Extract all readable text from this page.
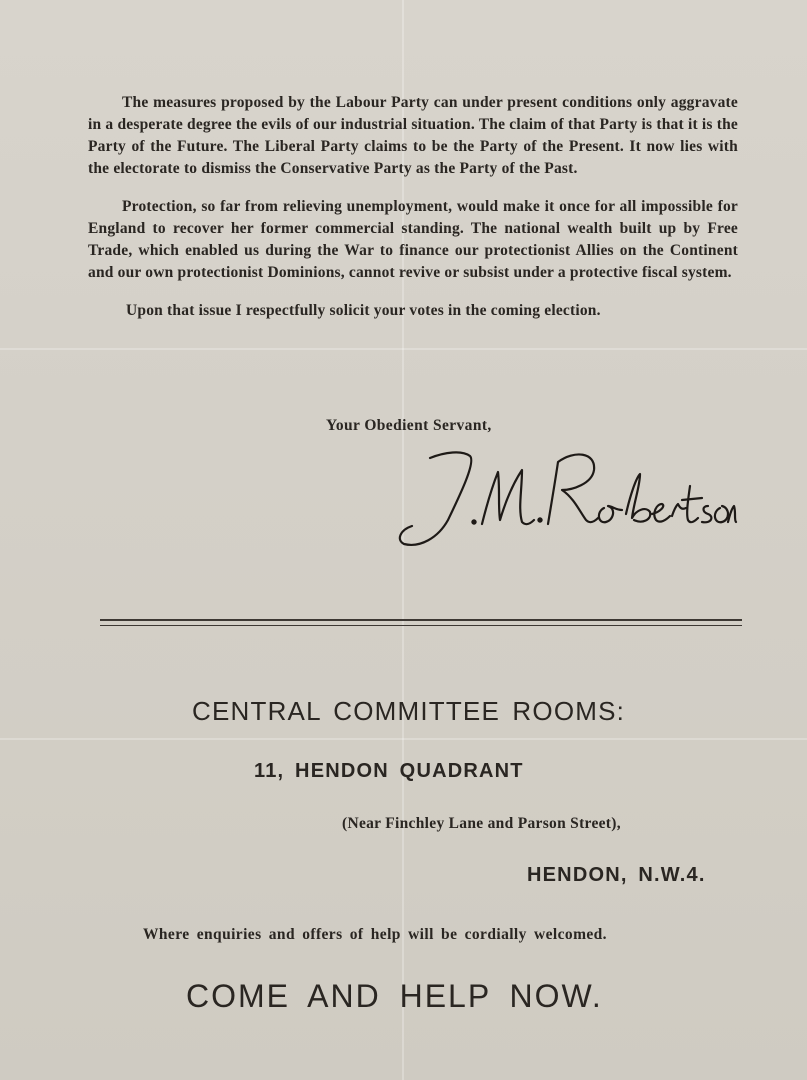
The measures proposed by the Labour Party can under present conditions only aggravate in a desperate degree the evils of our industrial situation. The claim of that Party is that it is the Party of the Future. The Liberal Party claims to be the Party of the Present. It now lies with the electorate to dismiss the Conservative Party as the Party of the Past.

Protection, so far from relieving unemployment, would make it once for all impossible for England to recover her former commercial standing. The national wealth built up by Free Trade, which enabled us during the War to finance our protectionist Allies on the Continent and our own protectionist Dominions, cannot revive or subsist under a protective fiscal system.

Upon that issue I respectfully solicit your votes in the coming election.

Your Obedient Servant,
CENTRAL COMMITTEE ROOMS:
11, HENDON QUADRANT
(Near Finchley Lane and Parson Street),
HENDON, N.W.4.
Where enquiries and offers of help will be cordially welcomed.
COME AND HELP NOW.
